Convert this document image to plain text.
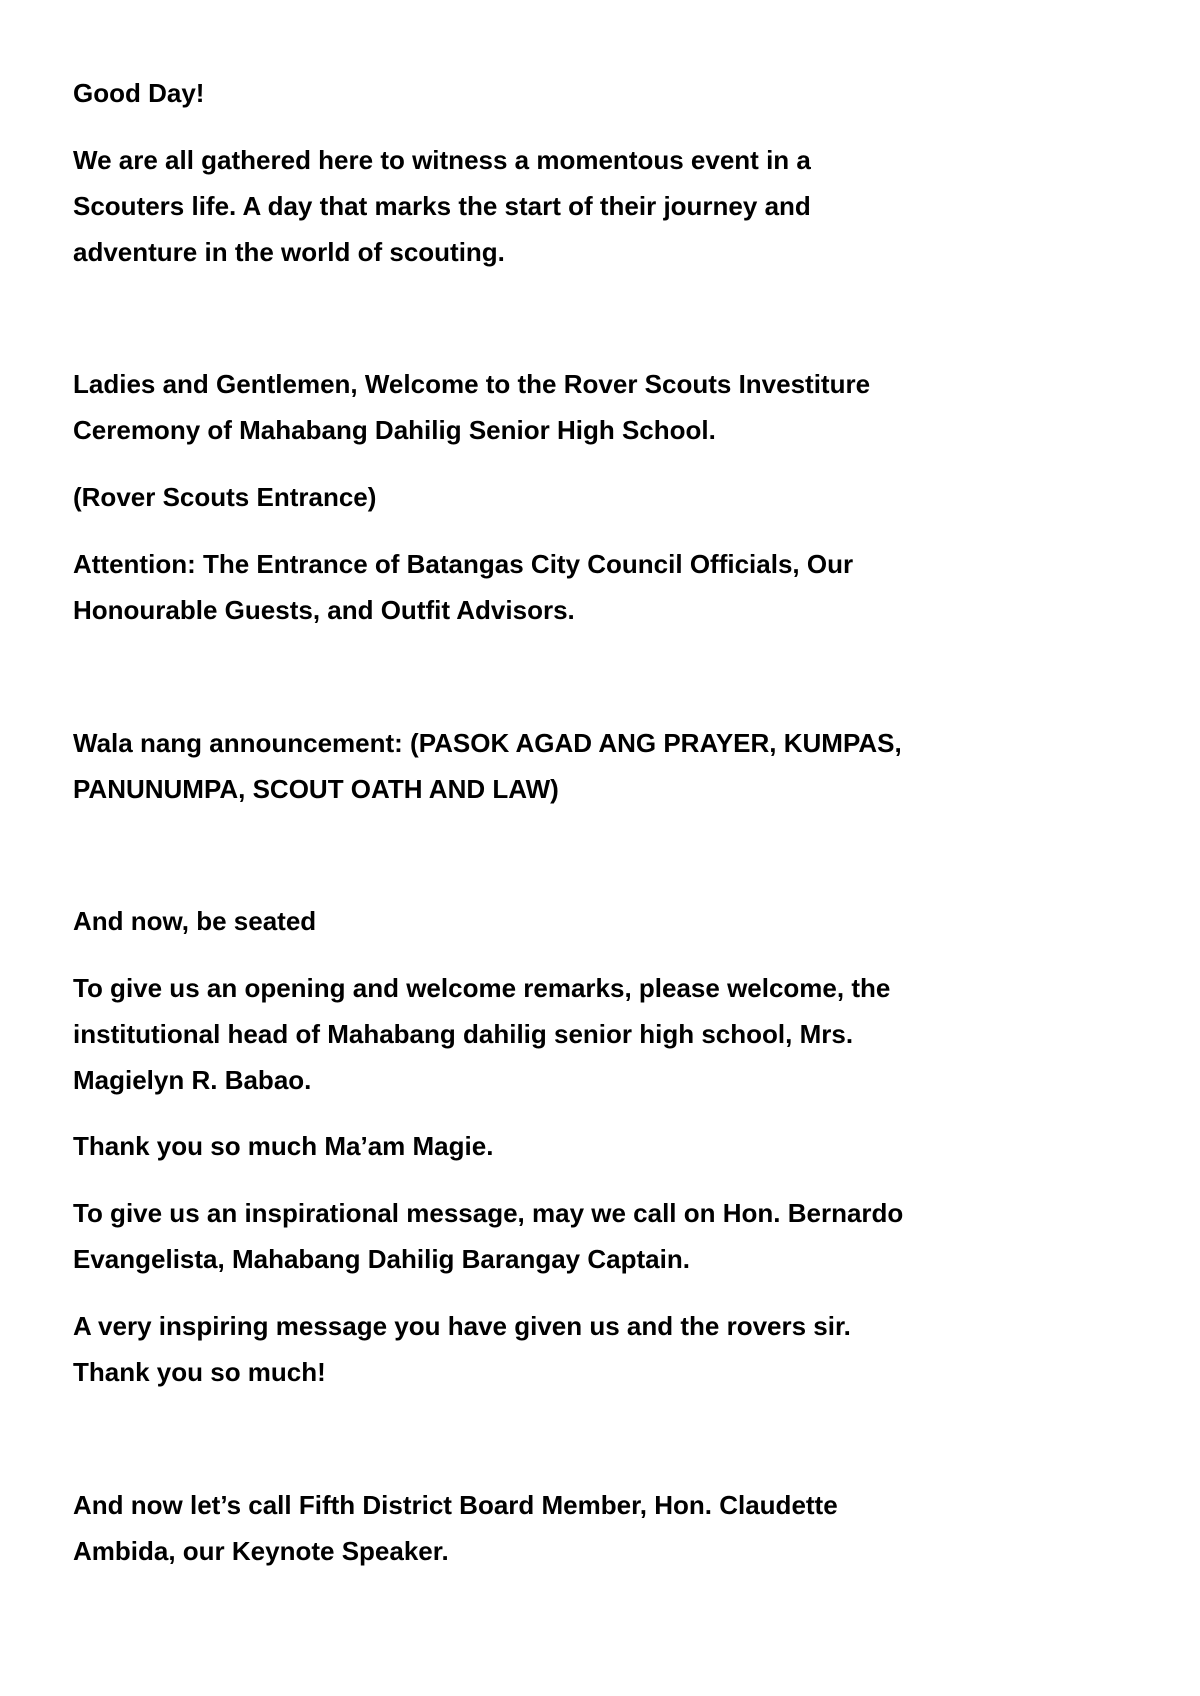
Good Day!

We are all gathered here to witness a momentous event in a
Scouters life. A day that marks the start of their journey and
adventure in the world of scouting.

Ladies and Gentlemen, Welcome to the Rover Scouts Investiture
Ceremony of Mahabang Dahilig Senior High School.

(Rover Scouts Entrance)

Attention: The Entrance of Batangas City Council Officials, Our
Honourable Guests, and Outfit Advisors.

Wala nang announcement: (PASOK AGAD ANG PRAYER, KUMPAS,
PANUNUMPA, SCOUT OATH AND LAW)

And now, be seated

To give us an opening and welcome remarks, please welcome, the
institutional head of Mahabang dahilig senior high school, Mrs.
Magielyn R. Babao.

Thank you so much Ma’am Magie.

To give us an inspirational message, may we call on Hon. Bernardo
Evangelista, Mahabang Dahilig Barangay Captain.

A very inspiring message you have given us and the rovers sir.
Thank you so much!

And now let’s call Fifth District Board Member, Hon. Claudette
Ambida, our Keynote Speaker.
